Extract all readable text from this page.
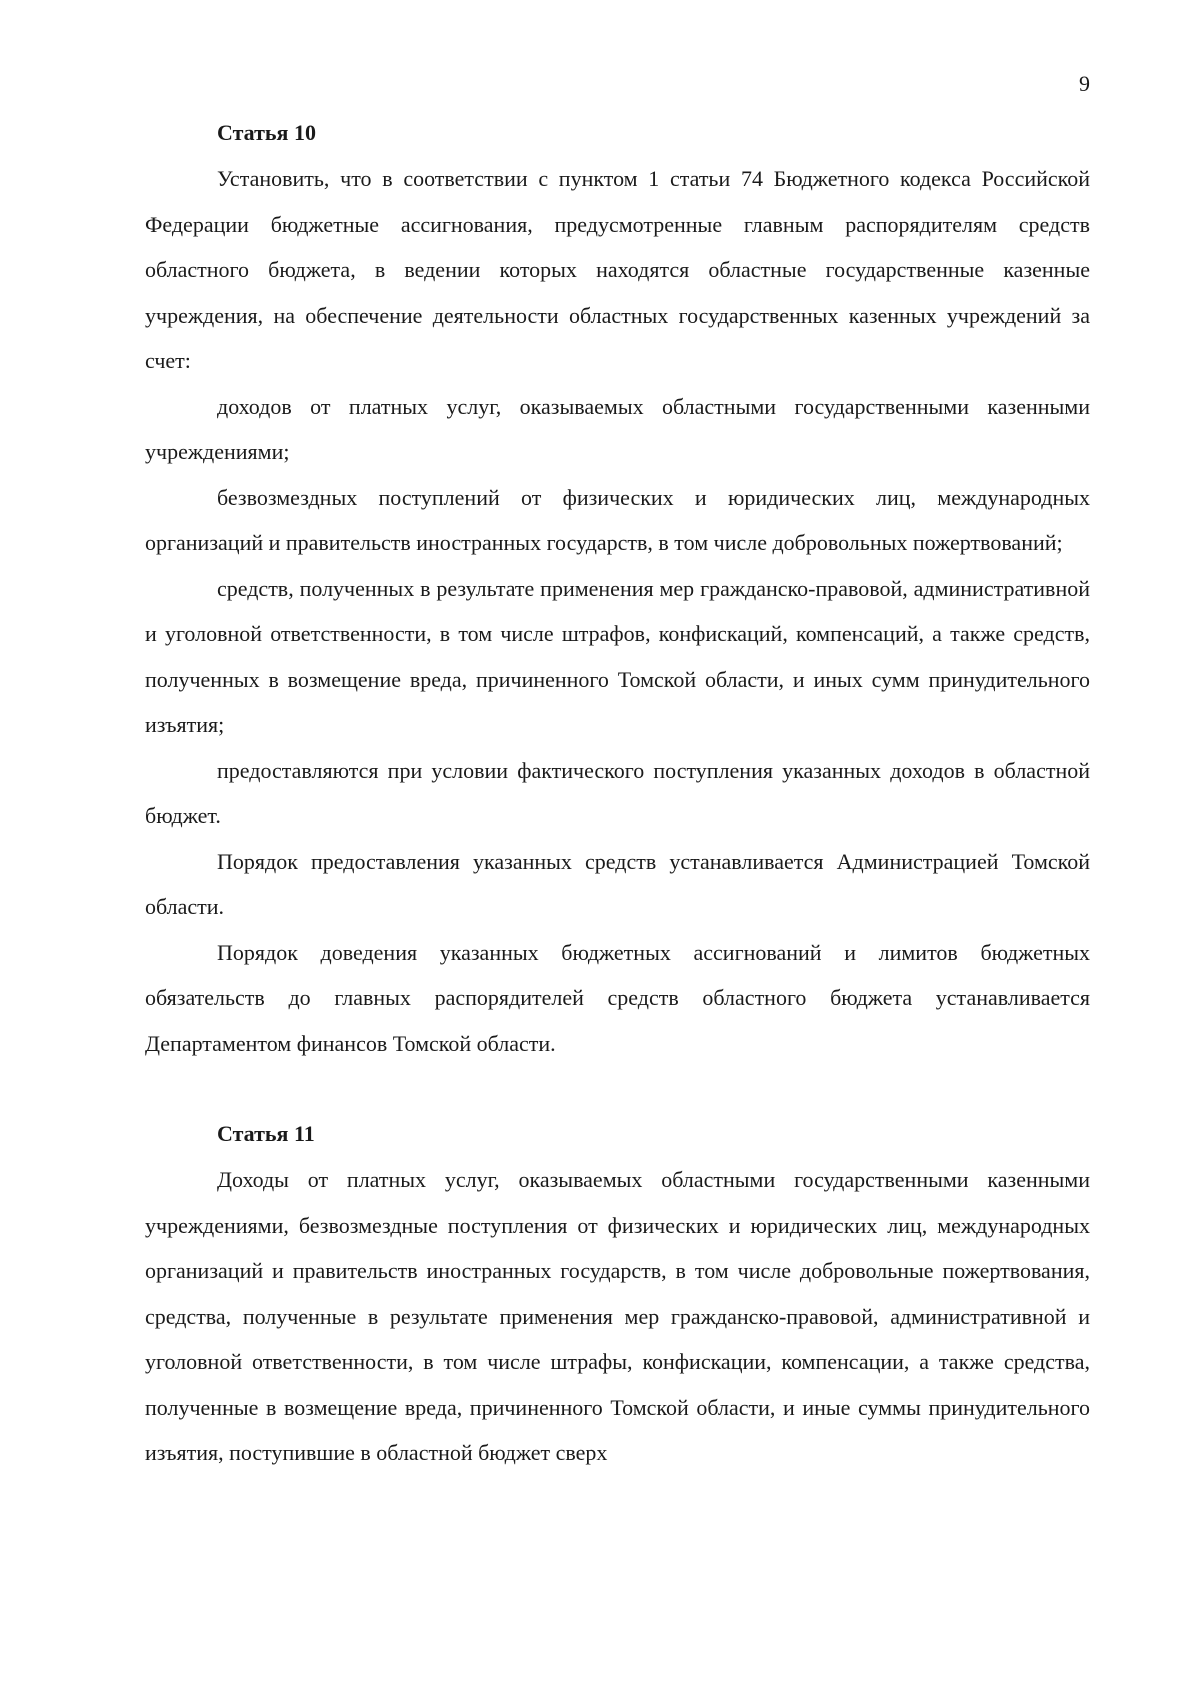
9
Статья 10

Установить, что в соответствии с пунктом 1 статьи 74 Бюджетного кодекса Российской Федерации бюджетные ассигнования, предусмотренные главным распорядителям средств областного бюджета, в ведении которых находятся областные государственные казенные учреждения, на обеспечение деятельности областных государственных казенных учреждений за счет:

доходов от платных услуг, оказываемых областными государственными казенными учреждениями;

безвозмездных поступлений от физических и юридических лиц, международных организаций и правительств иностранных государств, в том числе добровольных пожертвований;

средств, полученных в результате применения мер гражданско-правовой, административной и уголовной ответственности, в том числе штрафов, конфискаций, компенсаций, а также средств, полученных в возмещение вреда, причиненного Томской области, и иных сумм принудительного изъятия;

предоставляются при условии фактического поступления указанных доходов в областной бюджет.

Порядок предоставления указанных средств устанавливается Администрацией Томской области.

Порядок доведения указанных бюджетных ассигнований и лимитов бюджетных обязательств до главных распорядителей средств областного бюджета устанавливается Департаментом финансов Томской области.

Статья 11

Доходы от платных услуг, оказываемых областными государственными казенными учреждениями, безвозмездные поступления от физических и юридических лиц, международных организаций и правительств иностранных государств, в том числе добровольные пожертвования, средства, полученные в результате применения мер гражданско-правовой, административной и уголовной ответственности, в том числе штрафы, конфискации, компенсации, а также средства, полученные в возмещение вреда, причиненного Томской области, и иные суммы принудительного изъятия, поступившие в областной бюджет сверх
